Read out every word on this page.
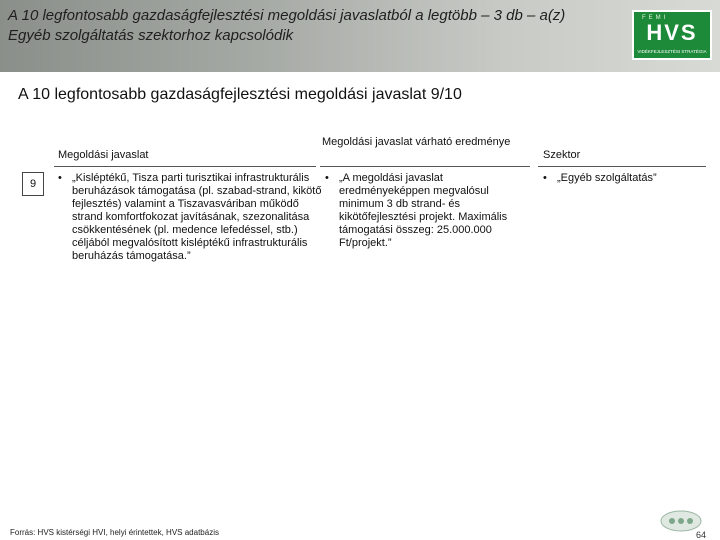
A 10 legfontosabb gazdaságfejlesztési megoldási javaslatból a legtöbb – 3 db – a(z) Egyéb szolgáltatás szektorhoz kapcsolódik
FEMI
HVS
VIDÉKFEJLESZTÉSI STRATÉGIA
A 10 legfontosabb gazdaságfejlesztési megoldási javaslat 9/10
Megoldási javaslat
Megoldási javaslat várható eredménye
Szektor
9	• „Kisléptékű, Tisza parti turisztikai infrastrukturális beruházások támogatása (pl. szabad-strand, kikötő fejlesztés) valamint a Tiszavasváriban működő strand komfortfokozat javításának, szezonalitása csökkentésének (pl. medence lefedéssel, stb.) céljából megvalósított kisléptékű infrastrukturális beruházás támogatása.”
• „A megoldási javaslat eredményeképpen megvalósul minimum 3 db strand- és kikötőfejlesztési projekt. Maximális támogatási összeg: 25.000.000 Ft/projekt.”
• „Egyéb szolgáltatás”
Forrás: HVS kistérségi HVI, helyi érintettek, HVS adatbázis	64
